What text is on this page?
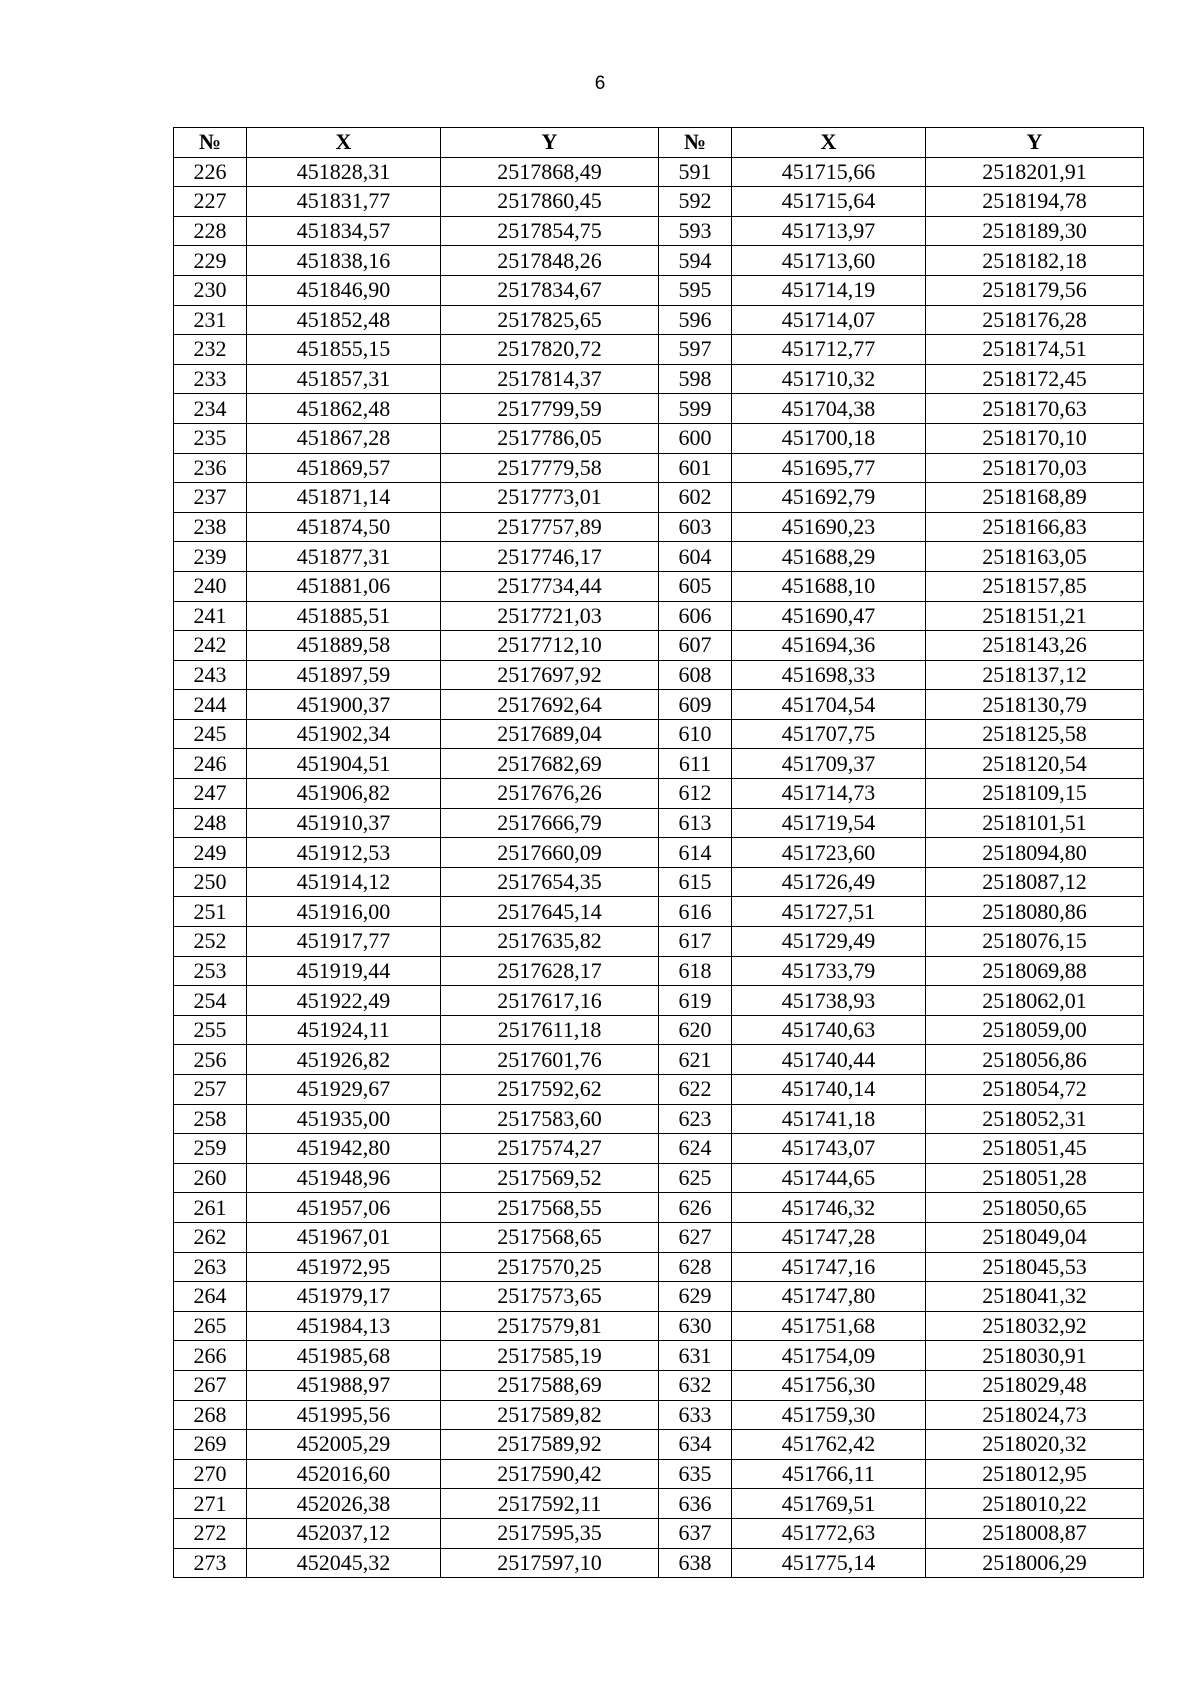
6
№	X	Y	№	X	Y
226	451828,31	2517868,49	591	451715,66	2518201,91
227	451831,77	2517860,45	592	451715,64	2518194,78
228	451834,57	2517854,75	593	451713,97	2518189,30
229	451838,16	2517848,26	594	451713,60	2518182,18
230	451846,90	2517834,67	595	451714,19	2518179,56
231	451852,48	2517825,65	596	451714,07	2518176,28
232	451855,15	2517820,72	597	451712,77	2518174,51
233	451857,31	2517814,37	598	451710,32	2518172,45
234	451862,48	2517799,59	599	451704,38	2518170,63
235	451867,28	2517786,05	600	451700,18	2518170,10
236	451869,57	2517779,58	601	451695,77	2518170,03
237	451871,14	2517773,01	602	451692,79	2518168,89
238	451874,50	2517757,89	603	451690,23	2518166,83
239	451877,31	2517746,17	604	451688,29	2518163,05
240	451881,06	2517734,44	605	451688,10	2518157,85
241	451885,51	2517721,03	606	451690,47	2518151,21
242	451889,58	2517712,10	607	451694,36	2518143,26
243	451897,59	2517697,92	608	451698,33	2518137,12
244	451900,37	2517692,64	609	451704,54	2518130,79
245	451902,34	2517689,04	610	451707,75	2518125,58
246	451904,51	2517682,69	611	451709,37	2518120,54
247	451906,82	2517676,26	612	451714,73	2518109,15
248	451910,37	2517666,79	613	451719,54	2518101,51
249	451912,53	2517660,09	614	451723,60	2518094,80
250	451914,12	2517654,35	615	451726,49	2518087,12
251	451916,00	2517645,14	616	451727,51	2518080,86
252	451917,77	2517635,82	617	451729,49	2518076,15
253	451919,44	2517628,17	618	451733,79	2518069,88
254	451922,49	2517617,16	619	451738,93	2518062,01
255	451924,11	2517611,18	620	451740,63	2518059,00
256	451926,82	2517601,76	621	451740,44	2518056,86
257	451929,67	2517592,62	622	451740,14	2518054,72
258	451935,00	2517583,60	623	451741,18	2518052,31
259	451942,80	2517574,27	624	451743,07	2518051,45
260	451948,96	2517569,52	625	451744,65	2518051,28
261	451957,06	2517568,55	626	451746,32	2518050,65
262	451967,01	2517568,65	627	451747,28	2518049,04
263	451972,95	2517570,25	628	451747,16	2518045,53
264	451979,17	2517573,65	629	451747,80	2518041,32
265	451984,13	2517579,81	630	451751,68	2518032,92
266	451985,68	2517585,19	631	451754,09	2518030,91
267	451988,97	2517588,69	632	451756,30	2518029,48
268	451995,56	2517589,82	633	451759,30	2518024,73
269	452005,29	2517589,92	634	451762,42	2518020,32
270	452016,60	2517590,42	635	451766,11	2518012,95
271	452026,38	2517592,11	636	451769,51	2518010,22
272	452037,12	2517595,35	637	451772,63	2518008,87
273	452045,32	2517597,10	638	451775,14	2518006,29
